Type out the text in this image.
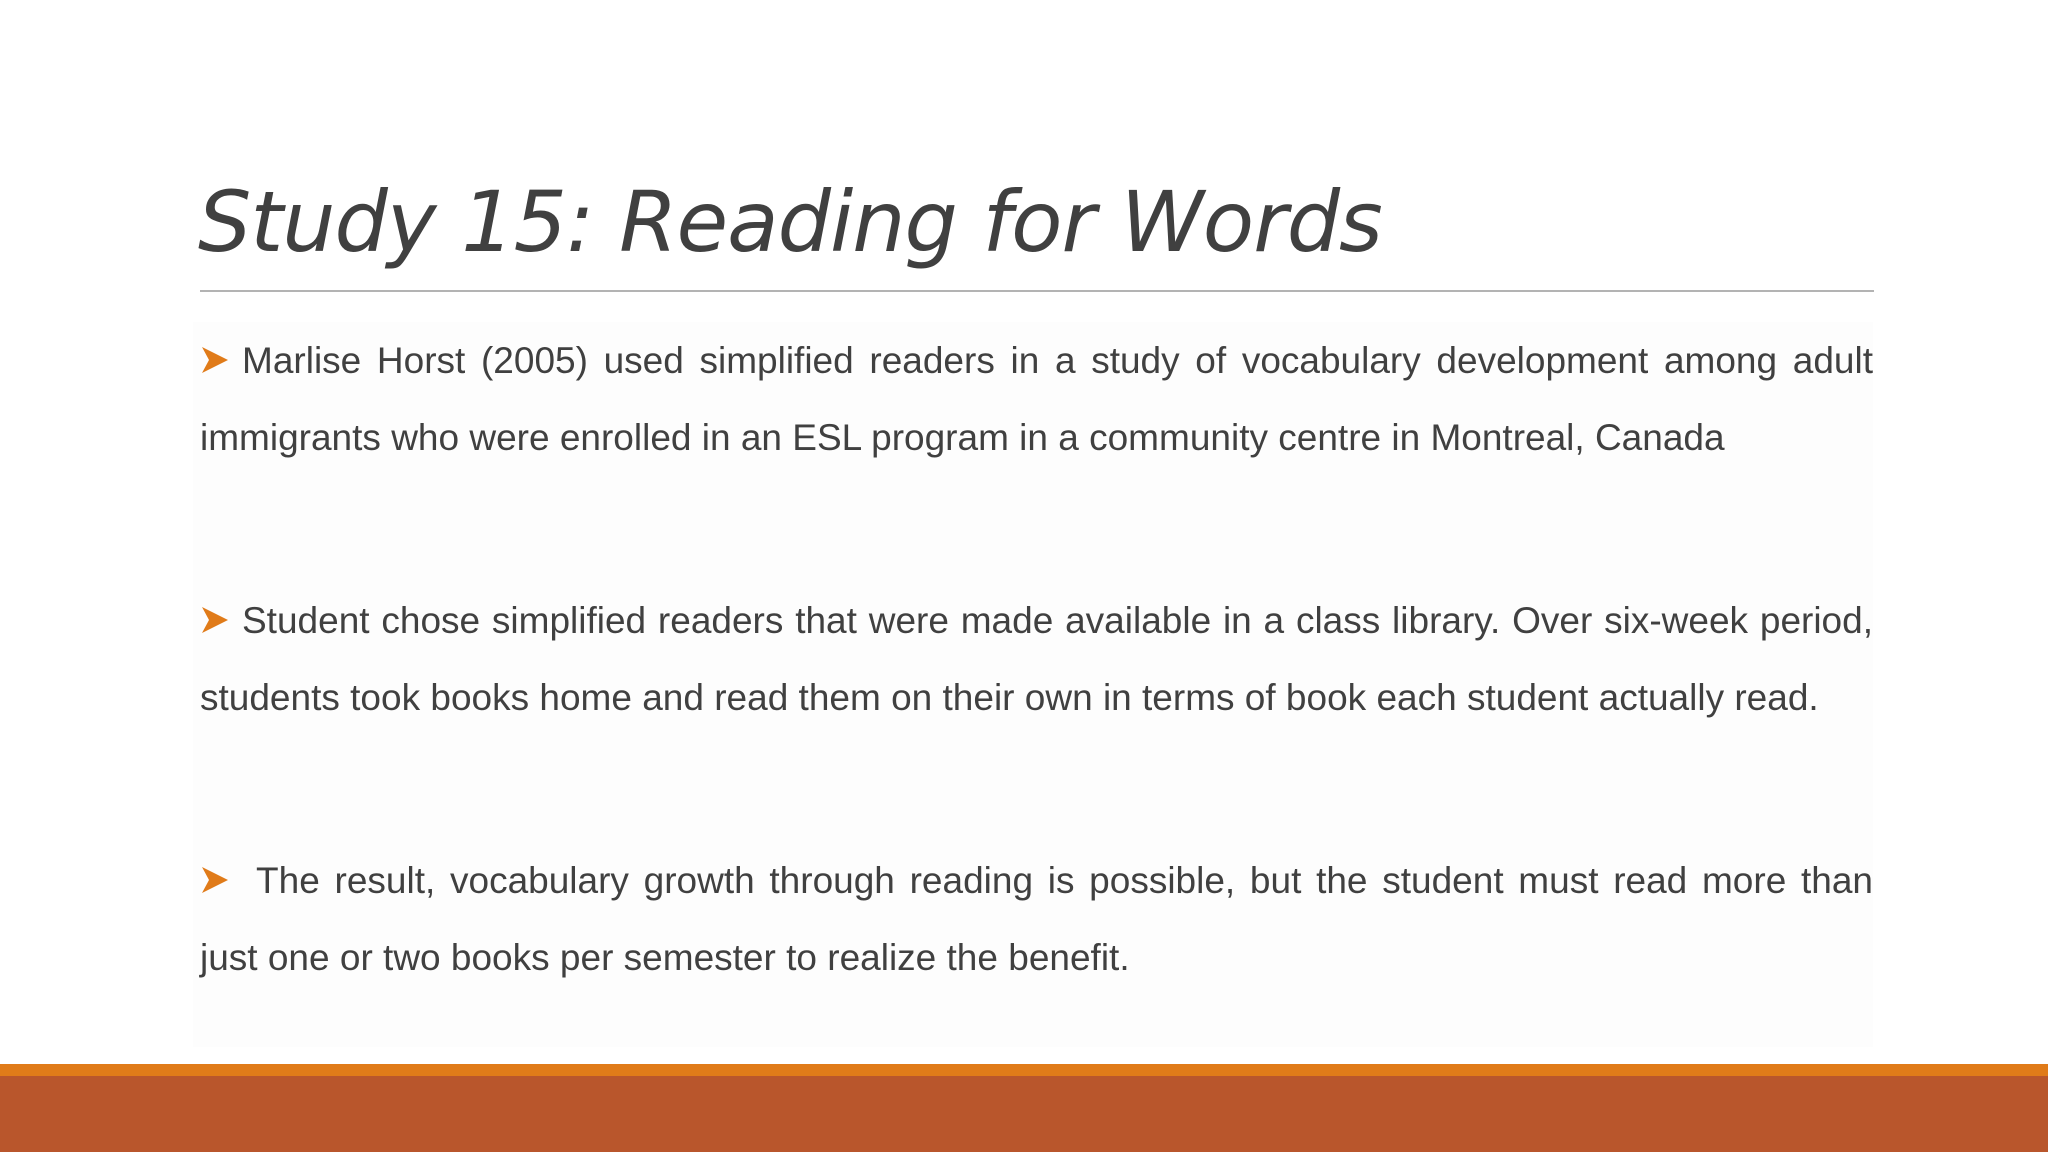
Study 15: Reading for Words

Marlise Horst (2005) used simplified readers in a study of vocabulary development among adult immigrants who were enrolled in an ESL program in a community centre in Montreal, Canada

Student chose simplified readers that were made available in a class library. Over six-week period, students took books home and read them on their own in terms of book each student actually read.

The result, vocabulary growth through reading is possible, but the student must read more than just one or two books per semester to realize the benefit.
